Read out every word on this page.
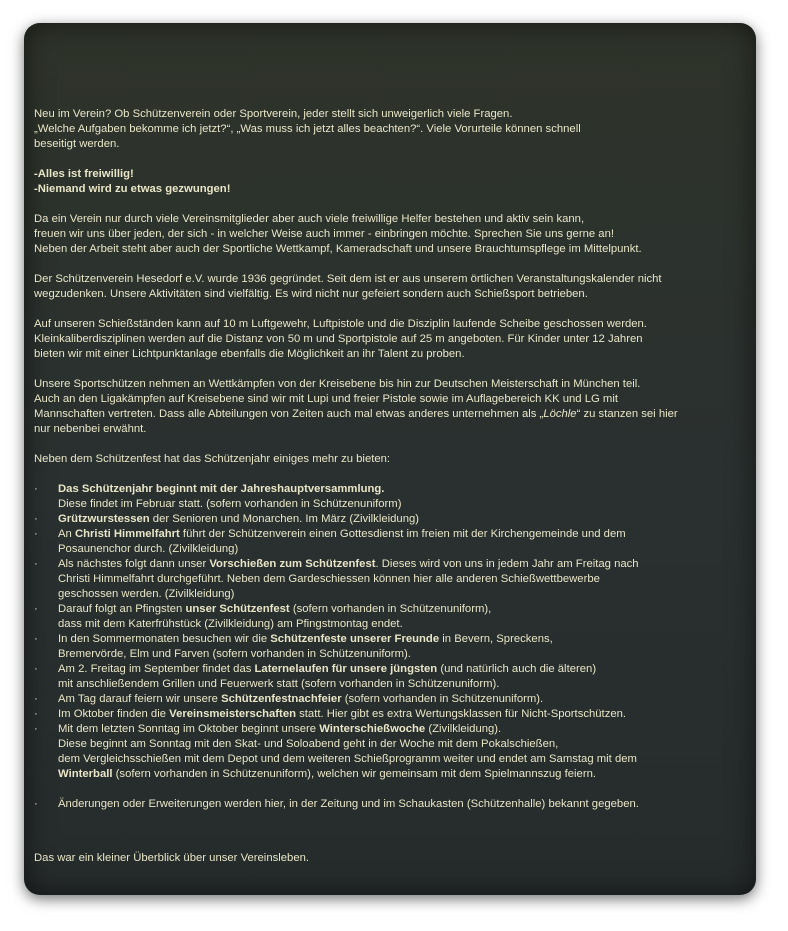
Neu im Verein? Ob Schützenverein oder Sportverein, jeder stellt sich unweigerlich viele Fragen.
„Welche Aufgaben bekomme ich jetzt?“, „Was muss ich jetzt alles beachten?“. Viele Vorurteile können schnell
beseitigt werden.

-Alles ist freiwillig!
-Niemand wird zu etwas gezwungen!

Da ein Verein nur durch viele Vereinsmitglieder aber auch viele freiwillige Helfer bestehen und aktiv sein kann,
freuen wir uns über jeden, der sich - in welcher Weise auch immer - einbringen möchte. Sprechen Sie uns gerne an!
Neben der Arbeit steht aber auch der Sportliche Wettkampf, Kameradschaft und unsere Brauchtumspflege im Mittelpunkt.

Der Schützenverein Hesedorf e.V. wurde 1936 gegründet. Seit dem ist er aus unserem örtlichen Veranstaltungskalender nicht
wegzudenken. Unsere Aktivitäten sind vielfältig. Es wird nicht nur gefeiert sondern auch Schießsport betrieben.

Auf unseren Schießständen kann auf 10 m Luftgewehr, Luftpistole und die Disziplin laufende Scheibe geschossen werden.
Kleinkaliberdisziplinen werden auf die Distanz von 50 m und Sportpistole auf 25 m angeboten. Für Kinder unter 12 Jahren
bieten wir mit einer Lichtpunktanlage ebenfalls die Möglichkeit an ihr Talent zu proben.

Unsere Sportschützen nehmen an Wettkämpfen von der Kreisebene bis hin zur Deutschen Meisterschaft in München teil.
Auch an den Ligakämpfen auf Kreisebene sind wir mit Lupi und freier Pistole sowie im Auflagebereich KK und LG mit
Mannschaften vertreten. Dass alle Abteilungen von Zeiten auch mal etwas anderes unternehmen als „Löchle“ zu stanzen sei hier
nur nebenbei erwähnt.

Neben dem Schützenfest hat das Schützenjahr einiges mehr zu bieten:

· Das Schützenjahr beginnt mit der Jahreshauptversammlung.
Diese findet im Februar statt. (sofern vorhanden in Schützenuniform)
· Grützwurstessen der Senioren und Monarchen. Im März (Zivilkleidung)
· An Christi Himmelfahrt führt der Schützenverein einen Gottesdienst im freien mit der Kirchengemeinde und dem
Posaunenchor durch. (Zivilkleidung)
· Als nächstes folgt dann unser Vorschießen zum Schützenfest. Dieses wird von uns in jedem Jahr am Freitag nach
Christi Himmelfahrt durchgeführt. Neben dem Gardeschiessen können hier alle anderen Schießwettbewerbe
geschossen werden. (Zivilkleidung)
· Darauf folgt an Pfingsten unser Schützenfest (sofern vorhanden in Schützenuniform),
dass mit dem Katerfrühstück (Zivilkleidung) am Pfingstmontag endet.
· In den Sommermonaten besuchen wir die Schützenfeste unserer Freunde in Bevern, Spreckens,
Bremervörde, Elm und Farven (sofern vorhanden in Schützenuniform).
· Am 2. Freitag im September findet das Laternelaufen für unsere jüngsten (und natürlich auch die älteren)
mit anschließendem Grillen und Feuerwerk statt (sofern vorhanden in Schützenuniform).
· Am Tag darauf feiern wir unsere Schützenfestnachfeier (sofern vorhanden in Schützenuniform).
· Im Oktober finden die Vereinsmeisterschaften statt. Hier gibt es extra Wertungsklassen für Nicht-Sportschützen.
· Mit dem letzten Sonntag im Oktober beginnt unsere Winterschießwoche (Zivilkleidung).
Diese beginnt am Sonntag mit den Skat- und Soloabend geht in der Woche mit dem Pokalschießen,
dem Vergleichsschießen mit dem Depot und dem weiteren Schießprogramm weiter und endet am Samstag mit dem
Winterball (sofern vorhanden in Schützenuniform), welchen wir gemeinsam mit dem Spielmannszug feiern.
· Änderungen oder Erweiterungen werden hier, in der Zeitung und im Schaukasten (Schützenhalle) bekannt gegeben.

Das war ein kleiner Überblick über unser Vereinsleben.
